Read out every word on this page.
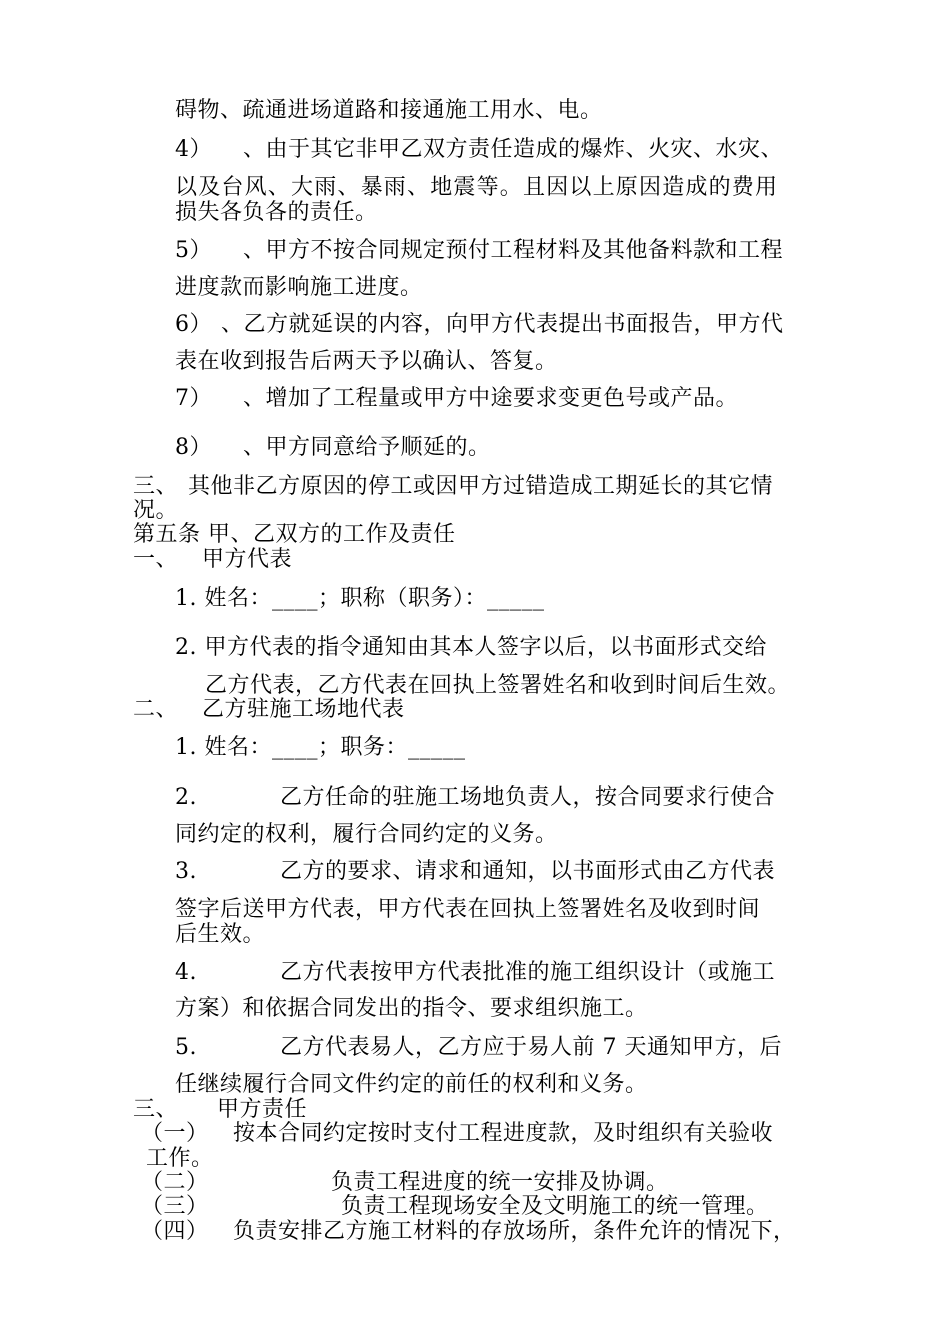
碍物、疏通进场道路和接通施工用水、电。
4） 、由于其它非甲乙双方责任造成的爆炸、火灾、水灾、
以及台风、大雨、暴雨、地震等。且因以上原因造成的费用
损失各负各的责任。
5） 、甲方不按合同规定预付工程材料及其他备料款和工程
进度款而影响施工进度。
6） 、乙方就延误的内容，向甲方代表提出书面报告，甲方代
表在收到报告后两天予以确认、答复。
7） 、增加了工程量或甲方中途要求变更色号或产品。
8） 、甲方同意给予顺延的。
三、 其他非乙方原因的停工或因甲方过错造成工期延长的其它情
况。
第五条 甲、乙双方的工作及责任
一、 甲方代表
1. 姓名：____；职称（职务）：_____
2. 甲方代表的指令通知由其本人签字以后，以书面形式交给
乙方代表，乙方代表在回执上签署姓名和收到时间后生效。
二、 乙方驻施工场地代表
1. 姓名：____；职务：_____
2.	乙方任命的驻施工场地负责人，按合同要求行使合
同约定的权利，履行合同约定的义务。
3.	乙方的要求、请求和通知，以书面形式由乙方代表
签字后送甲方代表，甲方代表在回执上签署姓名及收到时间
后生效。
4.	乙方代表按甲方代表批准的施工组织设计（或施工
方案）和依据合同发出的指令、要求组织施工。
5.	乙方代表易人，乙方应于易人前 7 天通知甲方，后
任继续履行合同文件约定的前任的权利和义务。
三、 甲方责任
（一） 按本合同约定按时支付工程进度款，及时组织有关验收
工作。
（二）	负责工程进度的统一安排及协调。
（三）	负责工程现场安全及文明施工的统一管理。
（四） 负责安排乙方施工材料的存放场所，条件允许的情况下，
